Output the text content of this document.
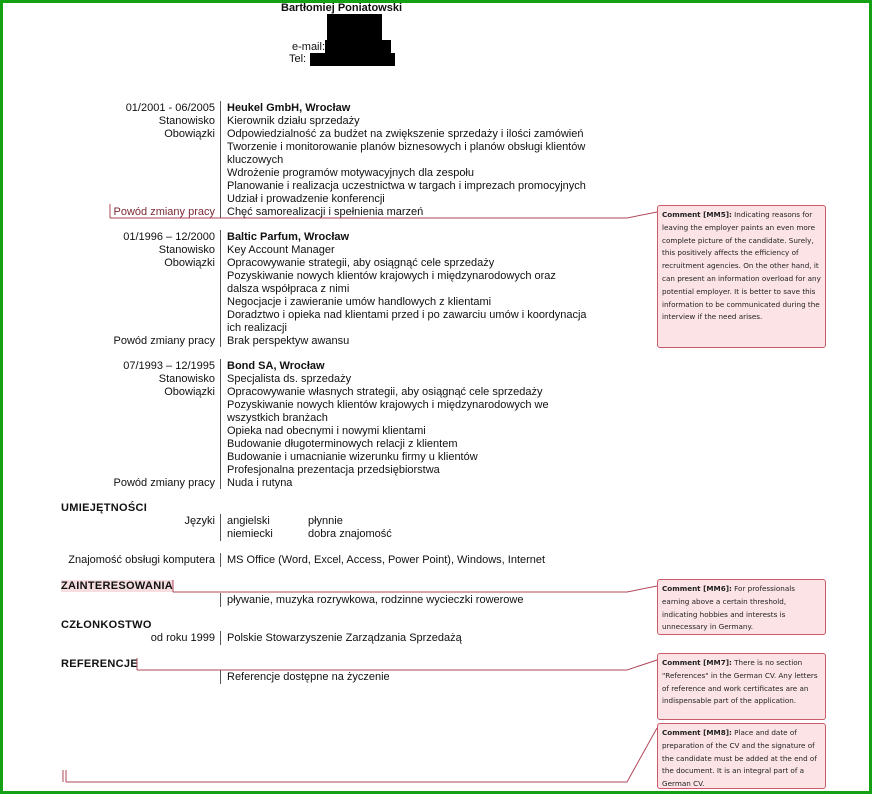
Bartłomiej Poniatowski
e-mail:
Tel:
01/2001 - 06/2005 Heukel GmbH, Wrocław
Stanowisko Kierownik działu sprzedaży
Obowiązki Odpowiedzialność za budżet na zwiększenie sprzedaży i ilości zamówień
Tworzenie i monitorowanie planów biznesowych i planów obsługi klientów
kluczowych
Wdrożenie programów motywacyjnych dla zespołu
Planowanie i realizacja uczestnictwa w targach i imprezach promocyjnych
Udział i prowadzenie konferencji
Powód zmiany pracy Chęć samorealizacji i spełnienia marzeń
01/1996 – 12/2000 Baltic Parfum, Wrocław
Stanowisko Key Account Manager
Obowiązki Opracowywanie strategii, aby osiągnąć cele sprzedaży
Pozyskiwanie nowych klientów krajowych i międzynarodowych oraz
dalsza współpraca z nimi
Negocjacje i zawieranie umów handlowych z klientami
Doradztwo i opieka nad klientami przed i po zawarciu umów i koordynacja
ich realizacji
Powód zmiany pracy Brak perspektyw awansu
07/1993 – 12/1995 Bond SA, Wrocław
Stanowisko Specjalista ds. sprzedaży
Obowiązki Opracowywanie własnych strategii, aby osiągnąć cele sprzedaży
Pozyskiwanie nowych klientów krajowych i międzynarodowych we
wszystkich branżach
Opieka nad obecnymi i nowymi klientami
Budowanie długoterminowych relacji z klientem
Budowanie i umacnianie wizerunku firmy u klientów
Profesjonalna prezentacja przedsiębiorstwa
Powód zmiany pracy Nuda i rutyna
UMIEJĘTNOŚCI
Języki angielski	płynnie
niemiecki	dobra znajomość
Znajomość obsługi komputera MS Office (Word, Excel, Access, Power Point), Windows, Internet
ZAINTERESOWANIA
pływanie, muzyka rozrywkowa, rodzinne wycieczki rowerowe
CZŁONKOSTWO
od roku 1999 Polskie Stowarzyszenie Zarządzania Sprzedażą
REFERENCJE
Referencje dostępne na życzenie
Comment [MM5]: Indicating reasons for leaving the employer paints an even more complete picture of the candidate. Surely, this positively affects the efficiency of recruitment agencies. On the other hand, it can present an information overload for any potential employer. It is better to save this information to be communicated during the interview if the need arises.
Comment [MM6]: For professionals earning above a certain threshold, indicating hobbies and interests is unnecessary in Germany.
Comment [MM7]: There is no section "References" in the German CV. Any letters of reference and work certificates are an indispensable part of the application.
Comment [MM8]: Place and date of preparation of the CV and the signature of the candidate must be added at the end of the document. It is an integral part of a German CV.
